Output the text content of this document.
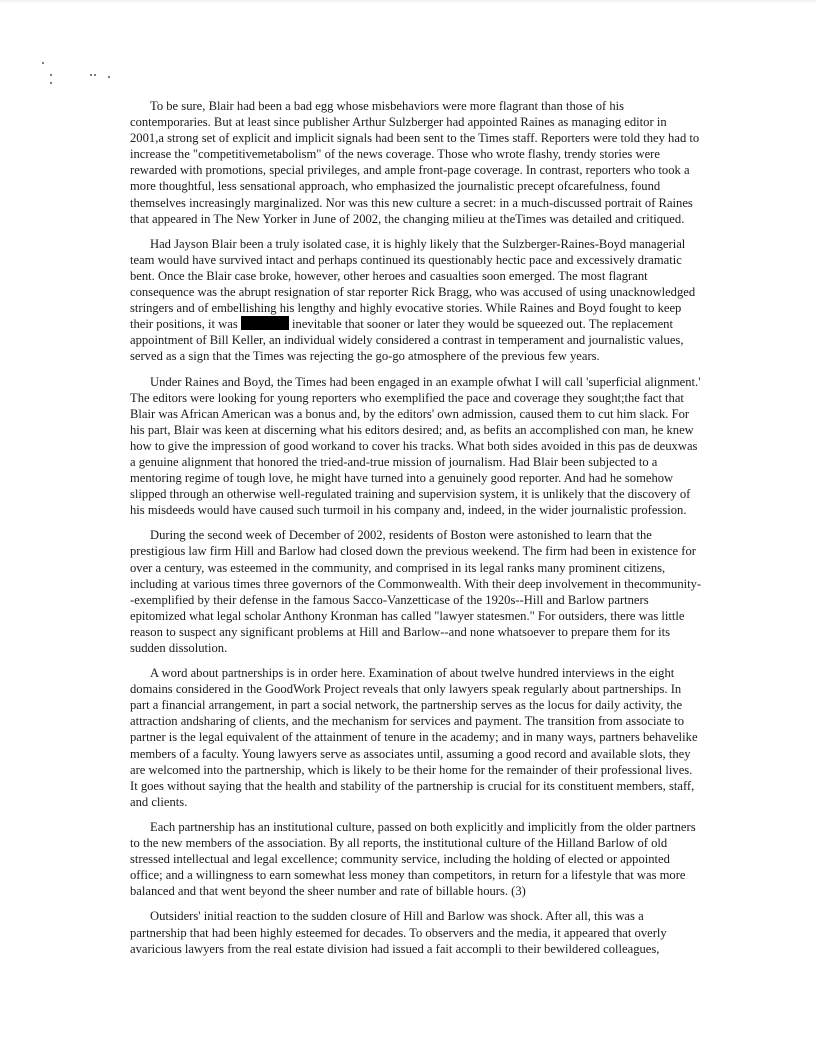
To be sure, Blair had been a bad egg whose misbehaviors were more flagrant than those of his contemporaries. But at least since publisher Arthur Sulzberger had appointed Raines as managing editor in 2001,a strong set of explicit and implicit signals had been sent to the Times staff. Reporters were told they had to increase the "competitivemetabolism" of the news coverage. Those who wrote flashy, trendy stories were rewarded with promotions, special privileges, and ample front-page coverage. In contrast, reporters who took a more thoughtful, less sensational approach, who emphasized the journalistic precept ofcarefulness, found themselves increasingly marginalized. Nor was this new culture a secret: in a much-discussed portrait of Raines that appeared in The New Yorker in June of 2002, the changing milieu at theTimes was detailed and critiqued.

Had Jayson Blair been a truly isolated case, it is highly likely that the Sulzberger-Raines-Boyd managerial team would have survived intact and perhaps continued its questionably hectic pace and excessively dramatic bent. Once the Blair case broke, however, other heroes and casualties soon emerged. The most flagrant consequence was the abrupt resignation of star reporter Rick Bragg, who was accused of using unacknowledged stringers and of embellishing his lengthy and highly evocative stories. While Raines and Boyd fought to keep their positions, it was	inevitable that sooner or later they would be squeezed out. The replacement appointment of Bill Keller, an individual widely considered a contrast in temperament and journalistic values, served as a sign that the Times was rejecting the go-go atmosphere of the previous few years.

Under Raines and Boyd, the Times had been engaged in an example ofwhat I will call 'superficial alignment.' The editors were looking for young reporters who exemplified the pace and coverage they sought;the fact that Blair was African American was a bonus and, by the editors' own admission, caused them to cut him slack. For his part, Blair was keen at discerning what his editors desired; and, as befits an accomplished con man, he knew how to give the impression of good workand to cover his tracks. What both sides avoided in this pas de deuxwas a genuine alignment that honored the tried-and-true mission of journalism. Had Blair been subjected to a mentoring regime of tough love, he might have turned into a genuinely good reporter. And had he somehow slipped through an otherwise well-regulated training and supervision system, it is unlikely that the discovery of his misdeeds would have caused such turmoil in his company and, indeed, in the wider journalistic profession.

During the second week of December of 2002, residents of Boston were astonished to learn that the prestigious law firm Hill and Barlow had closed down the previous weekend. The firm had been in existence for over a century, was esteemed in the community, and comprised in its legal ranks many prominent citizens, including at various times three governors of the Commonwealth. With their deep involvement in thecommunity--exemplified by their defense in the famous Sacco-Vanzetticase of the 1920s--Hill and Barlow partners epitomized what legal scholar Anthony Kronman has called "lawyer statesmen." For outsiders, there was little reason to suspect any significant problems at Hill and Barlow--and none whatsoever to prepare them for its sudden dissolution.

A word about partnerships is in order here. Examination of about twelve hundred interviews in the eight domains considered in the GoodWork Project reveals that only lawyers speak regularly about partnerships. In part a financial arrangement, in part a social network, the partnership serves as the locus for daily activity, the attraction andsharing of clients, and the mechanism for services and payment. The transition from associate to partner is the legal equivalent of the attainment of tenure in the academy; and in many ways, partners behavelike members of a faculty. Young lawyers serve as associates until, assuming a good record and available slots, they are welcomed into the partnership, which is likely to be their home for the remainder of their professional lives. It goes without saying that the health and stability of the partnership is crucial for its constituent members, staff, and clients.

Each partnership has an institutional culture, passed on both explicitly and implicitly from the older partners to the new members of the association. By all reports, the institutional culture of the Hilland Barlow of old stressed intellectual and legal excellence; community service, including the holding of elected or appointed office; and a willingness to earn somewhat less money than competitors, in return for a lifestyle that was more balanced and that went beyond the sheer number and rate of billable hours. (3)

Outsiders' initial reaction to the sudden closure of Hill and Barlow was shock. After all, this was a partnership that had been highly esteemed for decades. To observers and the media, it appeared that overly avaricious lawyers from the real estate division had issued a fait accompli to their bewildered colleagues,
